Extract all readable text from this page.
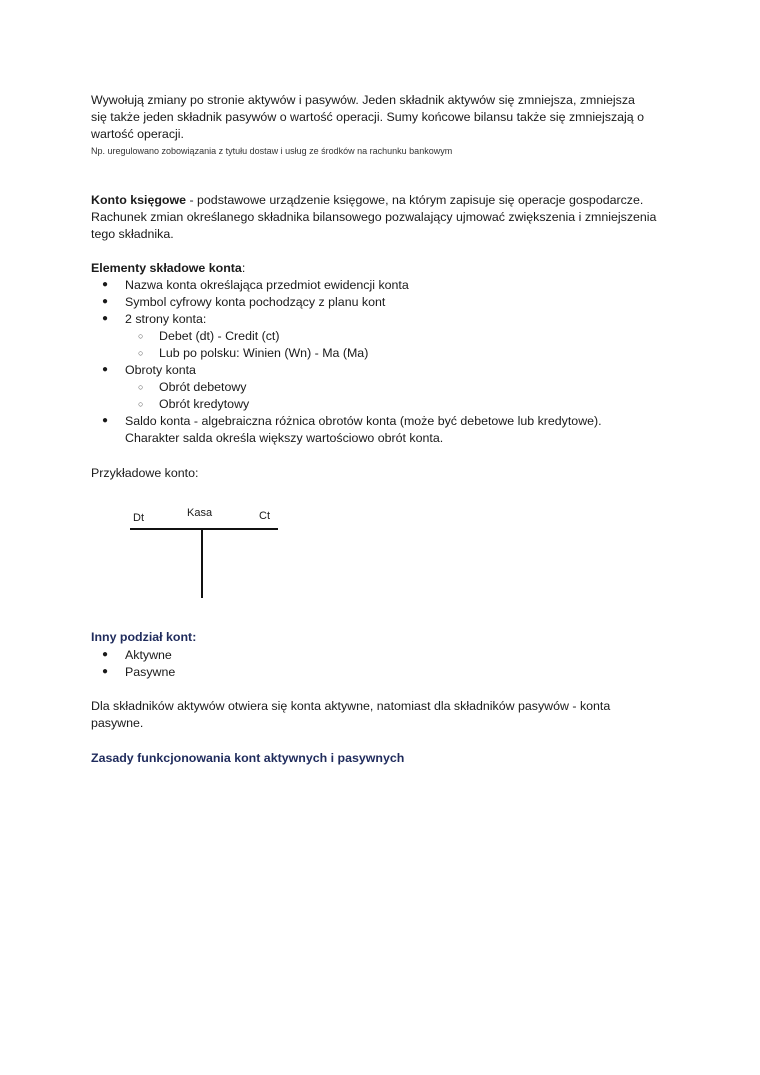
Wywołują zmiany po stronie aktywów i pasywów. Jeden składnik aktywów się zmniejsza, zmniejsza
się także jeden składnik pasywów o wartość operacji. Sumy końcowe bilansu także się zmniejszają o
wartość operacji.
Np. uregulowano zobowiązania z tytułu dostaw i usług ze środków na rachunku bankowym
Konto księgowe - podstawowe urządzenie księgowe, na którym zapisuje się operacje gospodarcze.
Rachunek zmian określanego składnika bilansowego pozwalający ujmować zwiększenia i zmniejszenia
tego składnika.
Elementy składowe konta:
● Nazwa konta określająca przedmiot ewidencji konta
● Symbol cyfrowy konta pochodzący z planu kont
● 2 strony konta:
○ Debet (dt) - Credit (ct)
○ Lub po polsku: Winien (Wn) - Ma (Ma)
● Obroty konta
○ Obrót debetowy
○ Obrót kredytowy
● Saldo konta - algebraiczna różnica obrotów konta (może być debetowe lub kredytowe).
Charakter salda określa większy wartościowo obrót konta.
Przykładowe konto:
Dt	Kasa	Ct
Inny podział kont:
● Aktywne
● Pasywne
Dla składników aktywów otwiera się konta aktywne, natomiast dla składników pasywów - konta
pasywne.
Zasady funkcjonowania kont aktywnych i pasywnych
